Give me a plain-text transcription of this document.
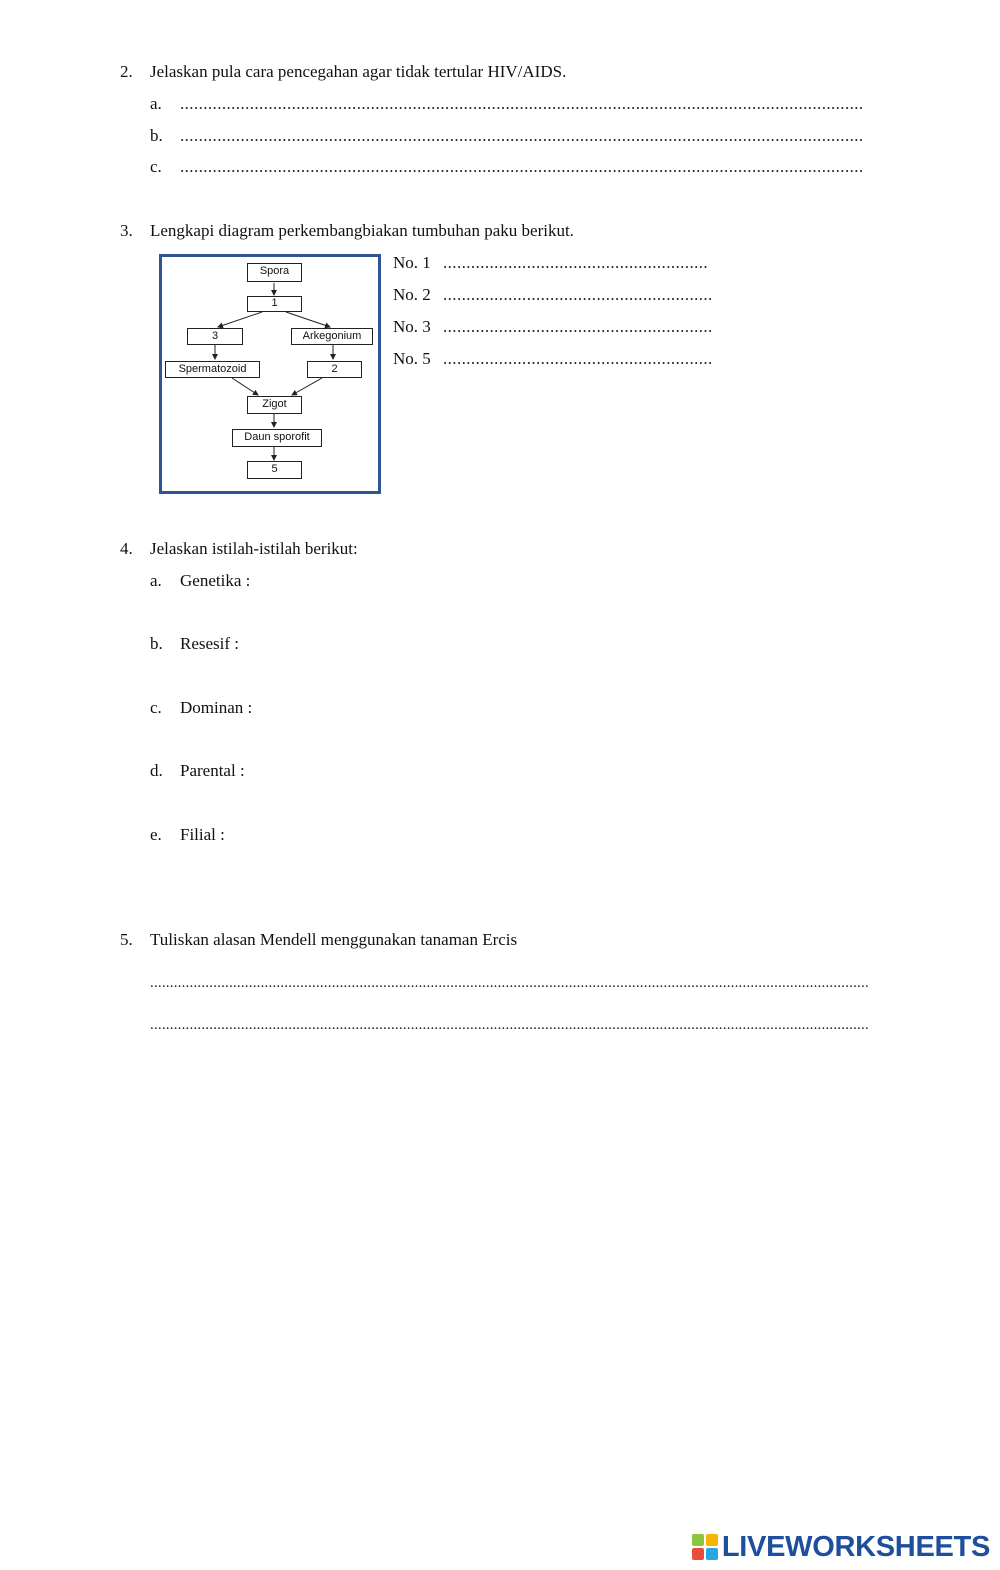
2. Jelaskan pula cara pencegahan agar tidak tertular HIV/AIDS.
a. ...................................................................................................................................................
b. ...................................................................................................................................................
c. ...................................................................................................................................................
3. Lengkapi diagram perkembangbiakan tumbuhan paku berikut.
Spora
1
3	Arkegonium
Spermatozoid	2
Zigot
Daun sporofit
5
No. 1 .........................................................
No. 2 ..........................................................
No. 3 ..........................................................
No. 5 ..........................................................
4. Jelaskan istilah-istilah berikut:
a. Genetika :
b. Resesif :
c. Dominan :
d. Parental :
e. Filial :
5. Tuliskan alasan Mendell menggunakan tanaman Ercis
......................................................................................................................................................................................
......................................................................................................................................................................................
LIVEWORKSHEETS
